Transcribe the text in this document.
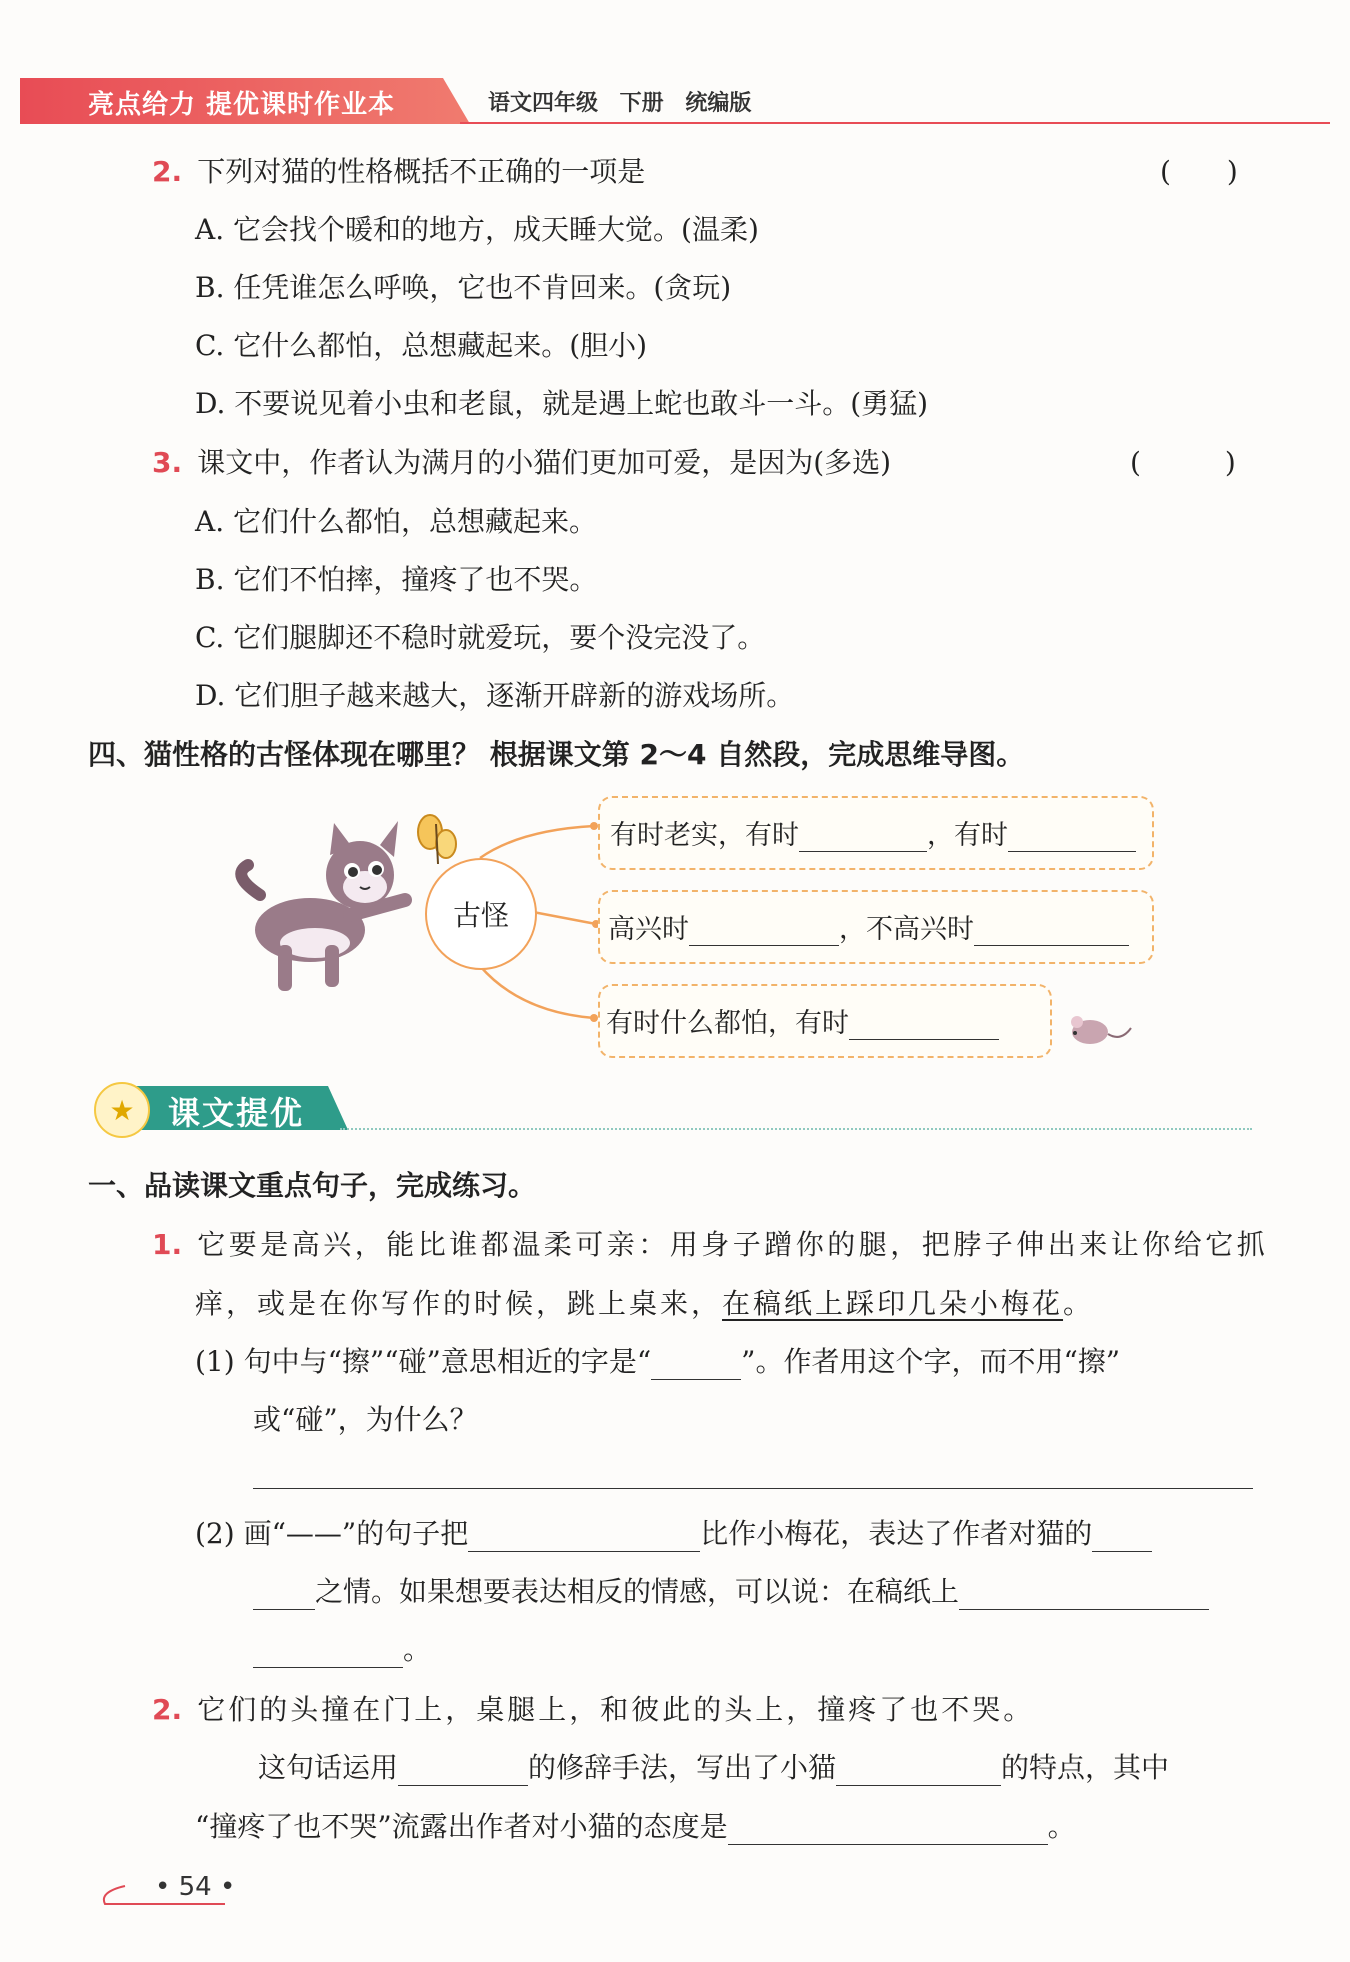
亮点给力 提优课时作业本	语文四年级 下册 统编版
2. 下列对猫的性格概括不正确的一项是	(　　)
A. 它会找个暖和的地方，成天睡大觉。(温柔)
B. 任凭谁怎么呼唤，它也不肯回来。(贪玩)
C. 它什么都怕，总想藏起来。(胆小)
D. 不要说见着小虫和老鼠，就是遇上蛇也敢斗一斗。(勇猛)
3. 课文中，作者认为满月的小猫们更加可爱，是因为(多选)	(　　　)
A. 它们什么都怕，总想藏起来。
B. 它们不怕摔，撞疼了也不哭。
C. 它们腿脚还不稳时就爱玩，要个没完没了。
D. 它们胆子越来越大，逐渐开辟新的游戏场所。
四、猫性格的古怪体现在哪里？ 根据课文第 2～4 自然段，完成思维导图。
古怪
有时老实，有时	，有时
高兴时	，不高兴时
有时什么都怕，有时
★	课文提优
一、品读课文重点句子，完成练习。
1. 它要是高兴，能比谁都温柔可亲：用身子蹭你的腿，把脖子伸出来让你给它抓
痒，或是在你写作的时候，跳上桌来，在稿纸上踩印几朵小梅花。
(1) 句中与“擦”“碰”意思相近的字是“	”。作者用这个字，而不用“擦”
或“碰”，为什么？
(2) 画“——”的句子把	比作小梅花，表达了作者对猫的
之情。如果想要表达相反的情感，可以说：在稿纸上
。
2. 它们的头撞在门上，桌腿上，和彼此的头上，撞疼了也不哭。
这句话运用	的修辞手法，写出了小猫	的特点，其中
“撞疼了也不哭”流露出作者对小猫的态度是	。
• 54 •
